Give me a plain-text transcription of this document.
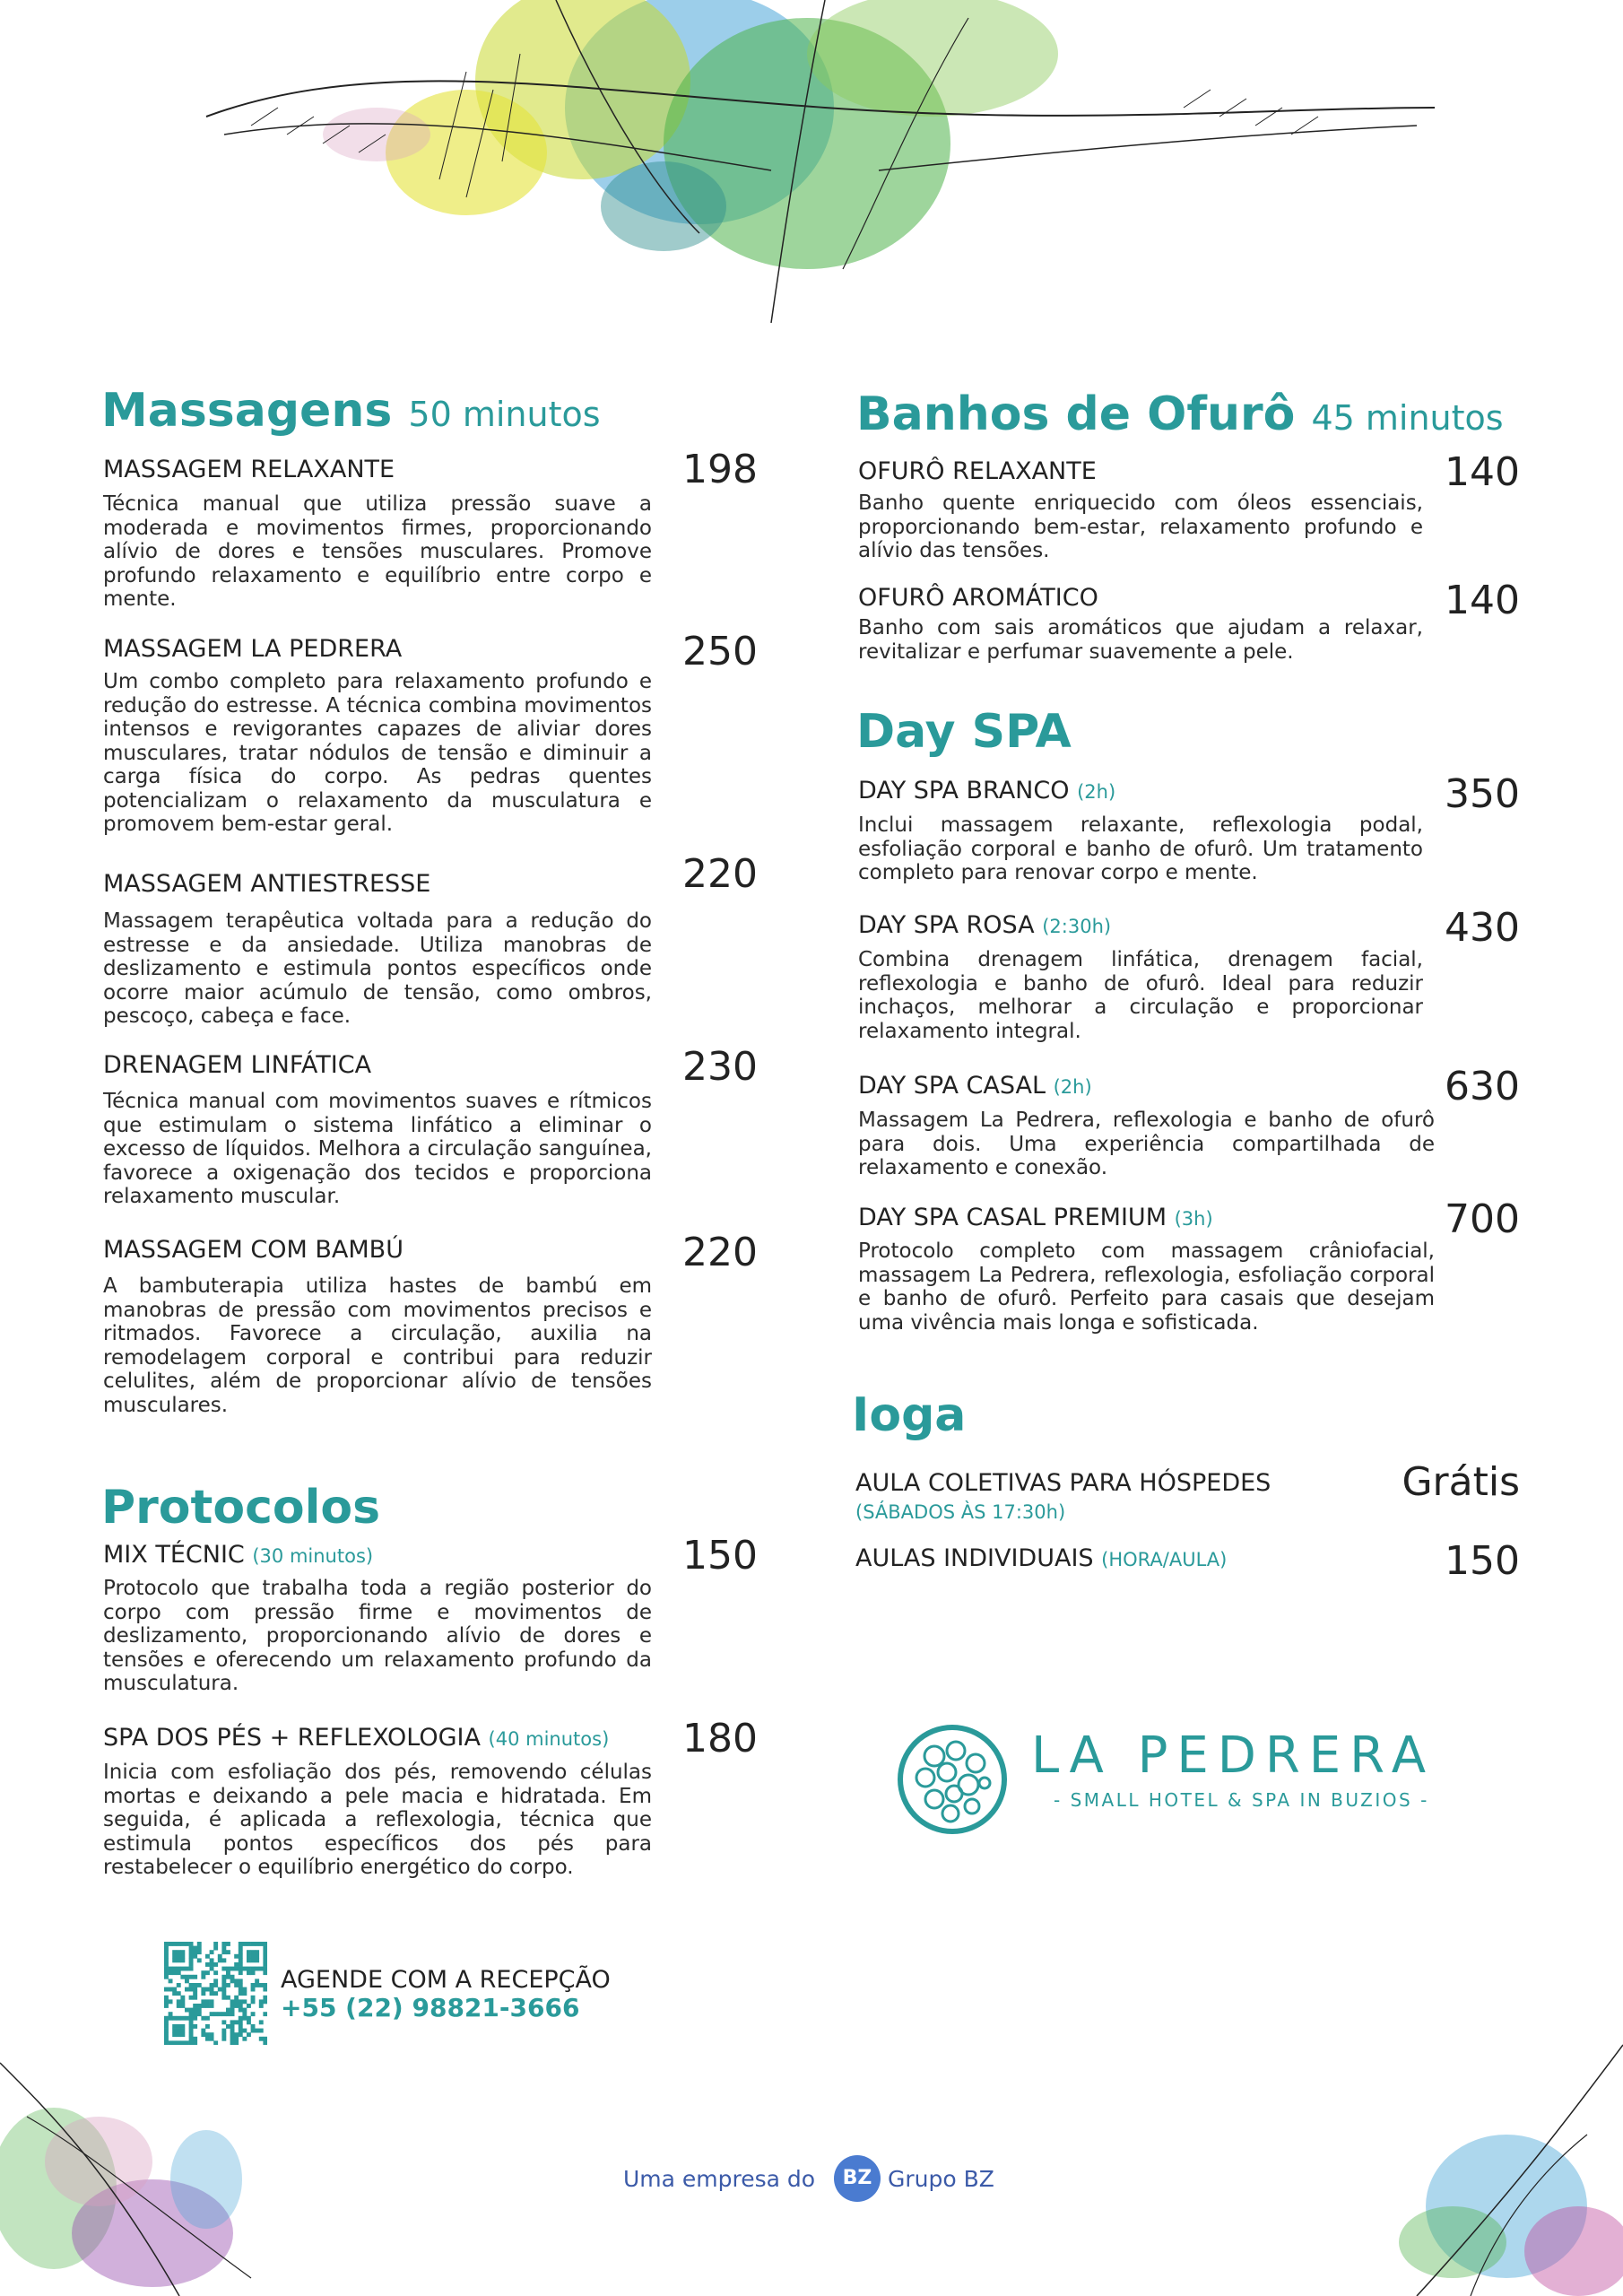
Massagens 50 minutos
MASSAGEM RELAXANTE	198
Técnica manual que utiliza pressão suave a moderada e movimentos firmes, proporcionando alívio de dores e tensões musculares. Promove profundo relaxamento e equilíbrio entre corpo e mente.
MASSAGEM LA PEDRERA	250
Um combo completo para relaxamento profundo e redução do estresse. A técnica combina movimentos intensos e revigorantes capazes de aliviar dores musculares, tratar nódulos de tensão e diminuir a carga física do corpo. As pedras quentes potencializam o relaxamento da musculatura e promovem bem-estar geral.
MASSAGEM ANTIESTRESSE	220
Massagem terapêutica voltada para a redução do estresse e da ansiedade. Utiliza manobras de deslizamento e estimula pontos específicos onde ocorre maior acúmulo de tensão, como ombros, pescoço, cabeça e face.
DRENAGEM LINFÁTICA	230
Técnica manual com movimentos suaves e rítmicos que estimulam o sistema linfático a eliminar o excesso de líquidos. Melhora a circulação sanguínea, favorece a oxigenação dos tecidos e proporciona relaxamento muscular.
MASSAGEM COM BAMBÚ	220
A bambuterapia utiliza hastes de bambú em manobras de pressão com movimentos precisos e ritmados. Favorece a circulação, auxilia na remodelagem corporal e contribui para reduzir celulites, além de proporcionar alívio de tensões musculares.
Protocolos
MIX TÉCNIC (30 minutos)	150
Protocolo que trabalha toda a região posterior do corpo com pressão firme e movimentos de deslizamento, proporcionando alívio de dores e tensões e oferecendo um relaxamento profundo da musculatura.
SPA DOS PÉS + REFLEXOLOGIA (40 minutos)	180
Inicia com esfoliação dos pés, removendo células mortas e deixando a pele macia e hidratada. Em seguida, é aplicada a reflexologia, técnica que estimula pontos específicos dos pés para restabelecer o equilíbrio energético do corpo.
Banhos de Ofurô 45 minutos
OFURÔ RELAXANTE	140
Banho quente enriquecido com óleos essenciais, proporcionando bem-estar, relaxamento profundo e alívio das tensões.
OFURÔ AROMÁTICO	140
Banho com sais aromáticos que ajudam a relaxar, revitalizar e perfumar suavemente a pele.
Day SPA
DAY SPA BRANCO (2h)	350
Inclui massagem relaxante, reflexologia podal, esfoliação corporal e banho de ofurô. Um tratamento completo para renovar corpo e mente.
DAY SPA ROSA (2:30h)	430
Combina drenagem linfática, drenagem facial, reflexologia e banho de ofurô. Ideal para reduzir inchaços, melhorar a circulação e proporcionar relaxamento integral.
DAY SPA CASAL (2h)	630
Massagem La Pedrera, reflexologia e banho de ofurô para dois. Uma experiência compartilhada de relaxamento e conexão.
DAY SPA CASAL PREMIUM (3h)	700
Protocolo completo com massagem crâniofacial, massagem La Pedrera, reflexologia, esfoliação corporal e banho de ofurô. Perfeito para casais que desejam uma vivência mais longa e sofisticada.
Ioga
AULA COLETIVAS PARA HÓSPEDES
(SÁBADOS ÀS 17:30h)
Grátis
AULAS INDIVIDUAIS (HORA/AULA)	150
LA PEDRERA
- SMALL HOTEL & SPA IN BUZIOS -
AGENDE COM A RECEPÇÃO
+55 (22) 98821-3666
Uma empresa do	BZ Grupo BZ
